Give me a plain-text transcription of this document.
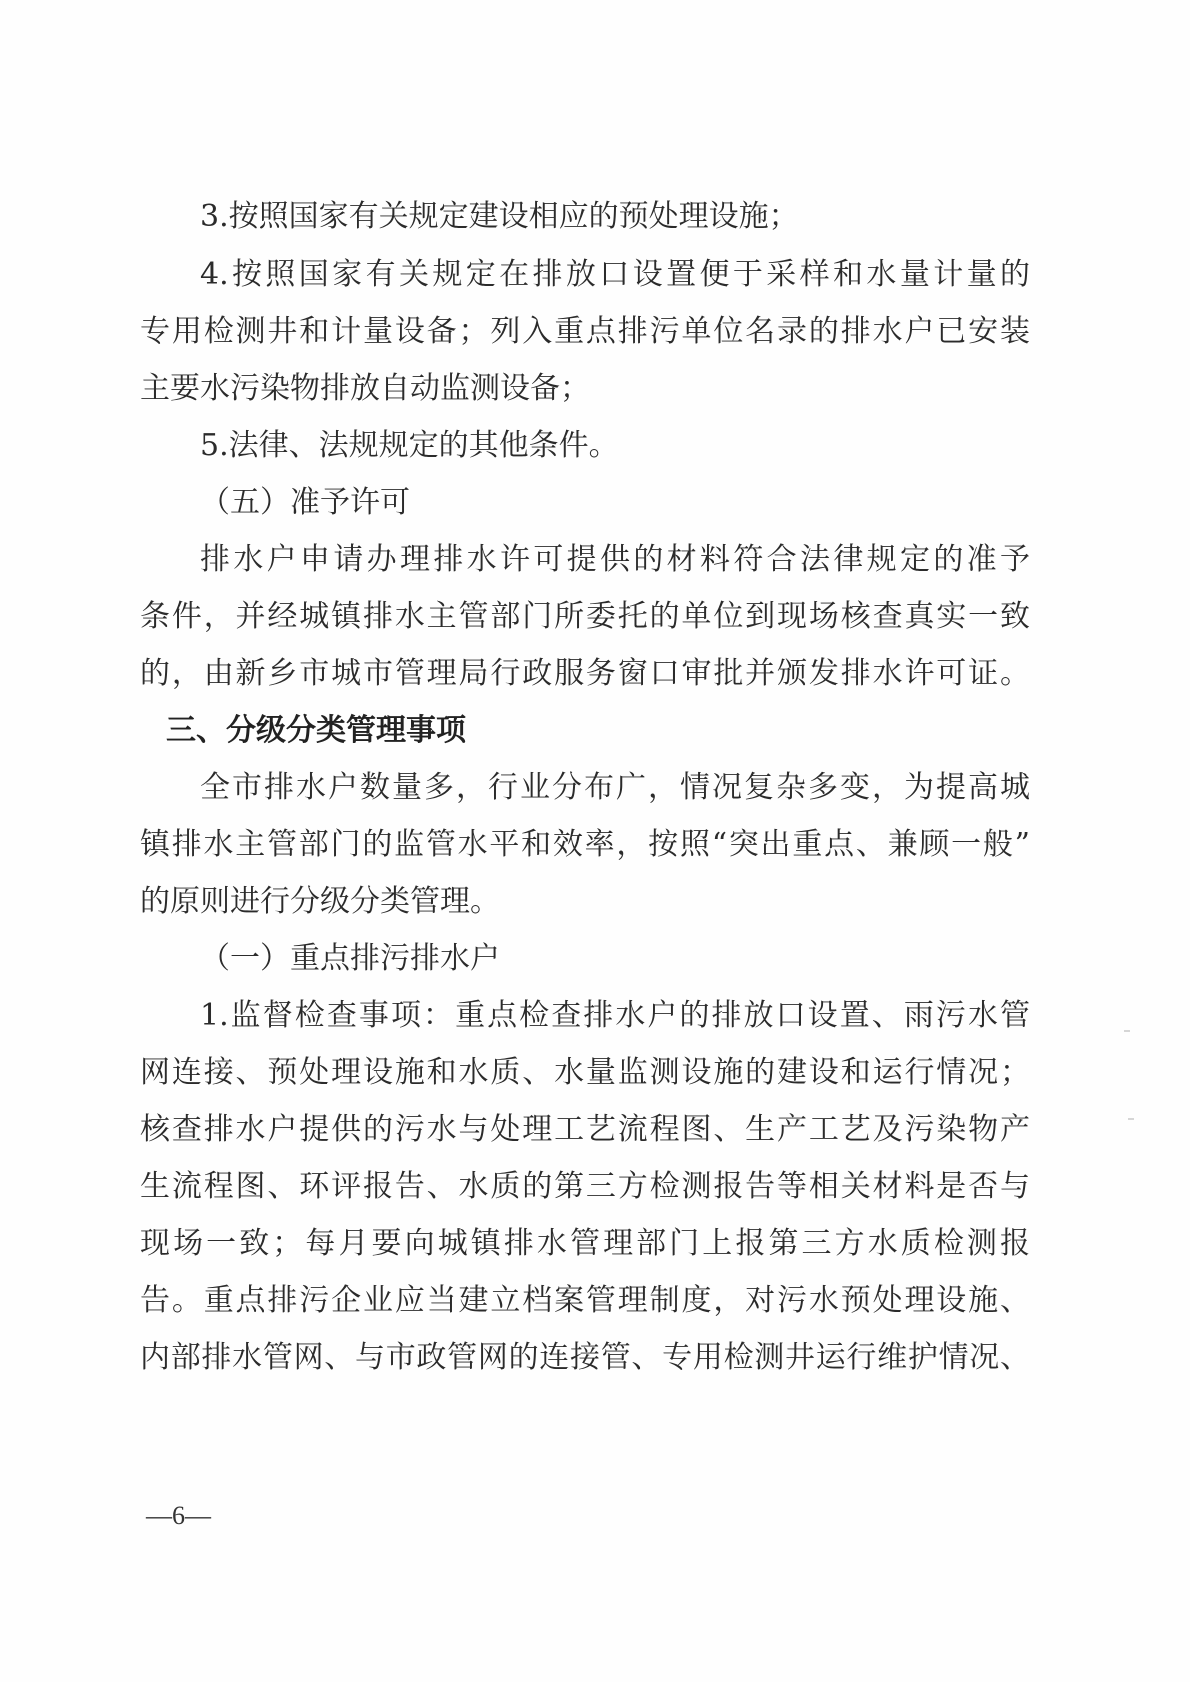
3.按照国家有关规定建设相应的预处理设施；
4.按照国家有关规定在排放口设置便于采样和水量计量的
专用检测井和计量设备；列入重点排污单位名录的排水户已安装
主要水污染物排放自动监测设备；
5.法律、法规规定的其他条件。
（五）准予许可
排水户申请办理排水许可提供的材料符合法律规定的准予
条件，并经城镇排水主管部门所委托的单位到现场核查真实一致
的，由新乡市城市管理局行政服务窗口审批并颁发排水许可证。
三、分级分类管理事项
全市排水户数量多，行业分布广，情况复杂多变，为提高城
镇排水主管部门的监管水平和效率，按照“突出重点、兼顾一般”
的原则进行分级分类管理。
（一）重点排污排水户
1.监督检查事项：重点检查排水户的排放口设置、雨污水管
网连接、预处理设施和水质、水量监测设施的建设和运行情况；
核查排水户提供的污水与处理工艺流程图、生产工艺及污染物产
生流程图、环评报告、水质的第三方检测报告等相关材料是否与
现场一致；每月要向城镇排水管理部门上报第三方水质检测报
告。重点排污企业应当建立档案管理制度，对污水预处理设施、
内部排水管网、与市政管网的连接管、专用检测井运行维护情况、
—6—
